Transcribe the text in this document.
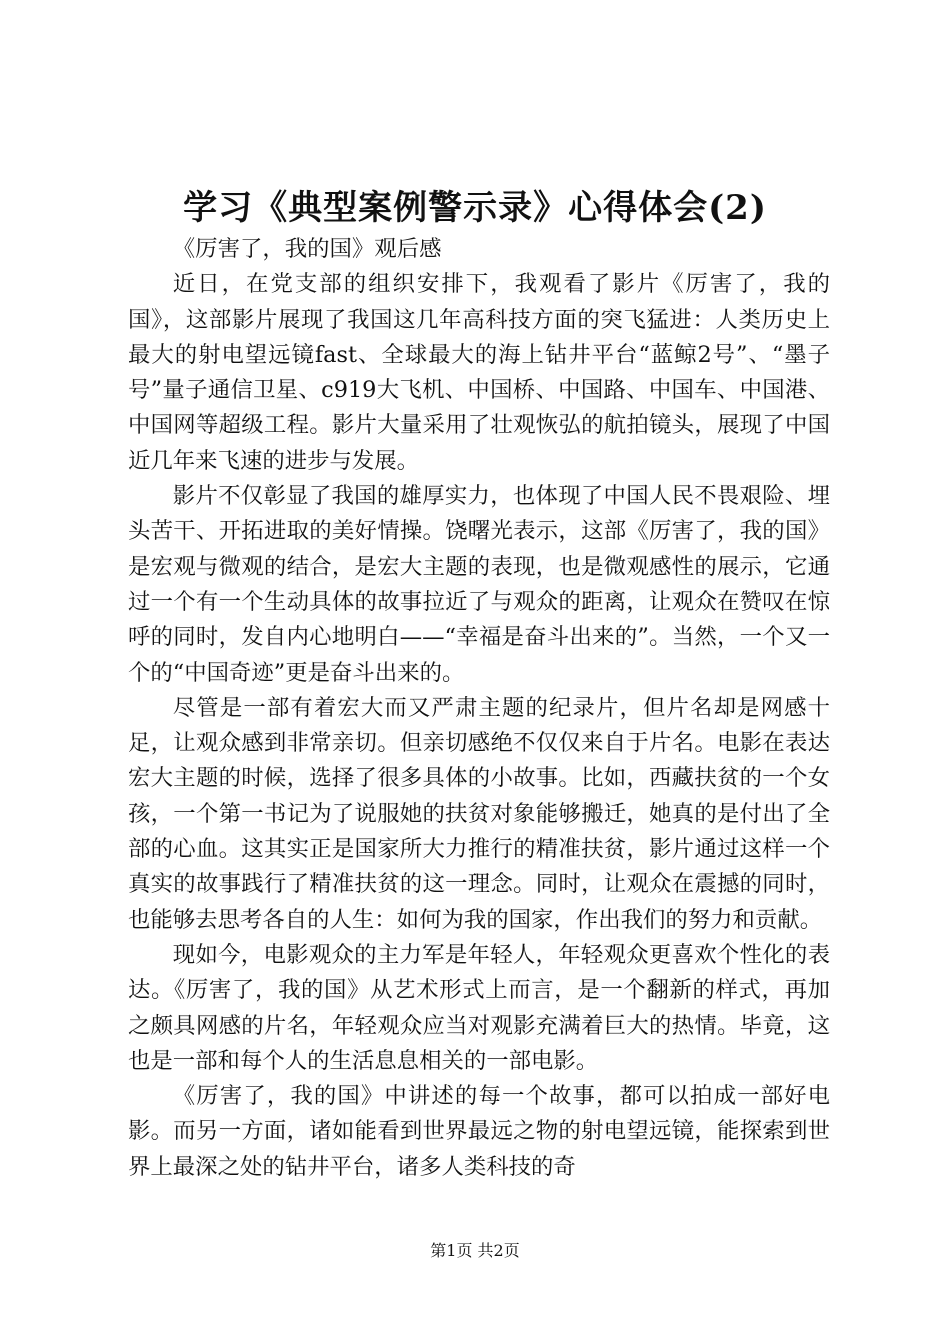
学习《典型案例警示录》心得体会(2)

《厉害了，我的国》观后感

近日，在党支部的组织安排下，我观看了影片《厉害了，我的国》，这部影片展现了我国这几年高科技方面的突飞猛进：人类历史上最大的射电望远镜fast、全球最大的海上钻井平台“蓝鲸2号”、“墨子号”量子通信卫星、c919大飞机、中国桥、中国路、中国车、中国港、中国网等超级工程。影片大量采用了壮观恢弘的航拍镜头，展现了中国近几年来飞速的进步与发展。

影片不仅彰显了我国的雄厚实力，也体现了中国人民不畏艰险、埋头苦干、开拓进取的美好情操。饶曙光表示，这部《厉害了，我的国》是宏观与微观的结合，是宏大主题的表现，也是微观感性的展示，它通过一个有一个生动具体的故事拉近了与观众的距离，让观众在赞叹在惊呼的同时，发自内心地明白——“幸福是奋斗出来的”。当然，一个又一个的“中国奇迹”更是奋斗出来的。

尽管是一部有着宏大而又严肃主题的纪录片，但片名却是网感十足，让观众感到非常亲切。但亲切感绝不仅仅来自于片名。电影在表达宏大主题的时候，选择了很多具体的小故事。比如，西藏扶贫的一个女孩，一个第一书记为了说服她的扶贫对象能够搬迁，她真的是付出了全部的心血。这其实正是国家所大力推行的精准扶贫，影片通过这样一个真实的故事践行了精准扶贫的这一理念。同时，让观众在震撼的同时，也能够去思考各自的人生：如何为我的国家，作出我们的努力和贡献。

现如今，电影观众的主力军是年轻人，年轻观众更喜欢个性化的表达。《厉害了，我的国》从艺术形式上而言，是一个翻新的样式，再加之颇具网感的片名，年轻观众应当对观影充满着巨大的热情。毕竟，这也是一部和每个人的生活息息相关的一部电影。

《厉害了，我的国》中讲述的每一个故事，都可以拍成一部好电影。而另一方面，诸如能看到世界最远之物的射电望远镜，能探索到世界上最深之处的钻井平台，诸多人类科技的奇

第1页 共2页
